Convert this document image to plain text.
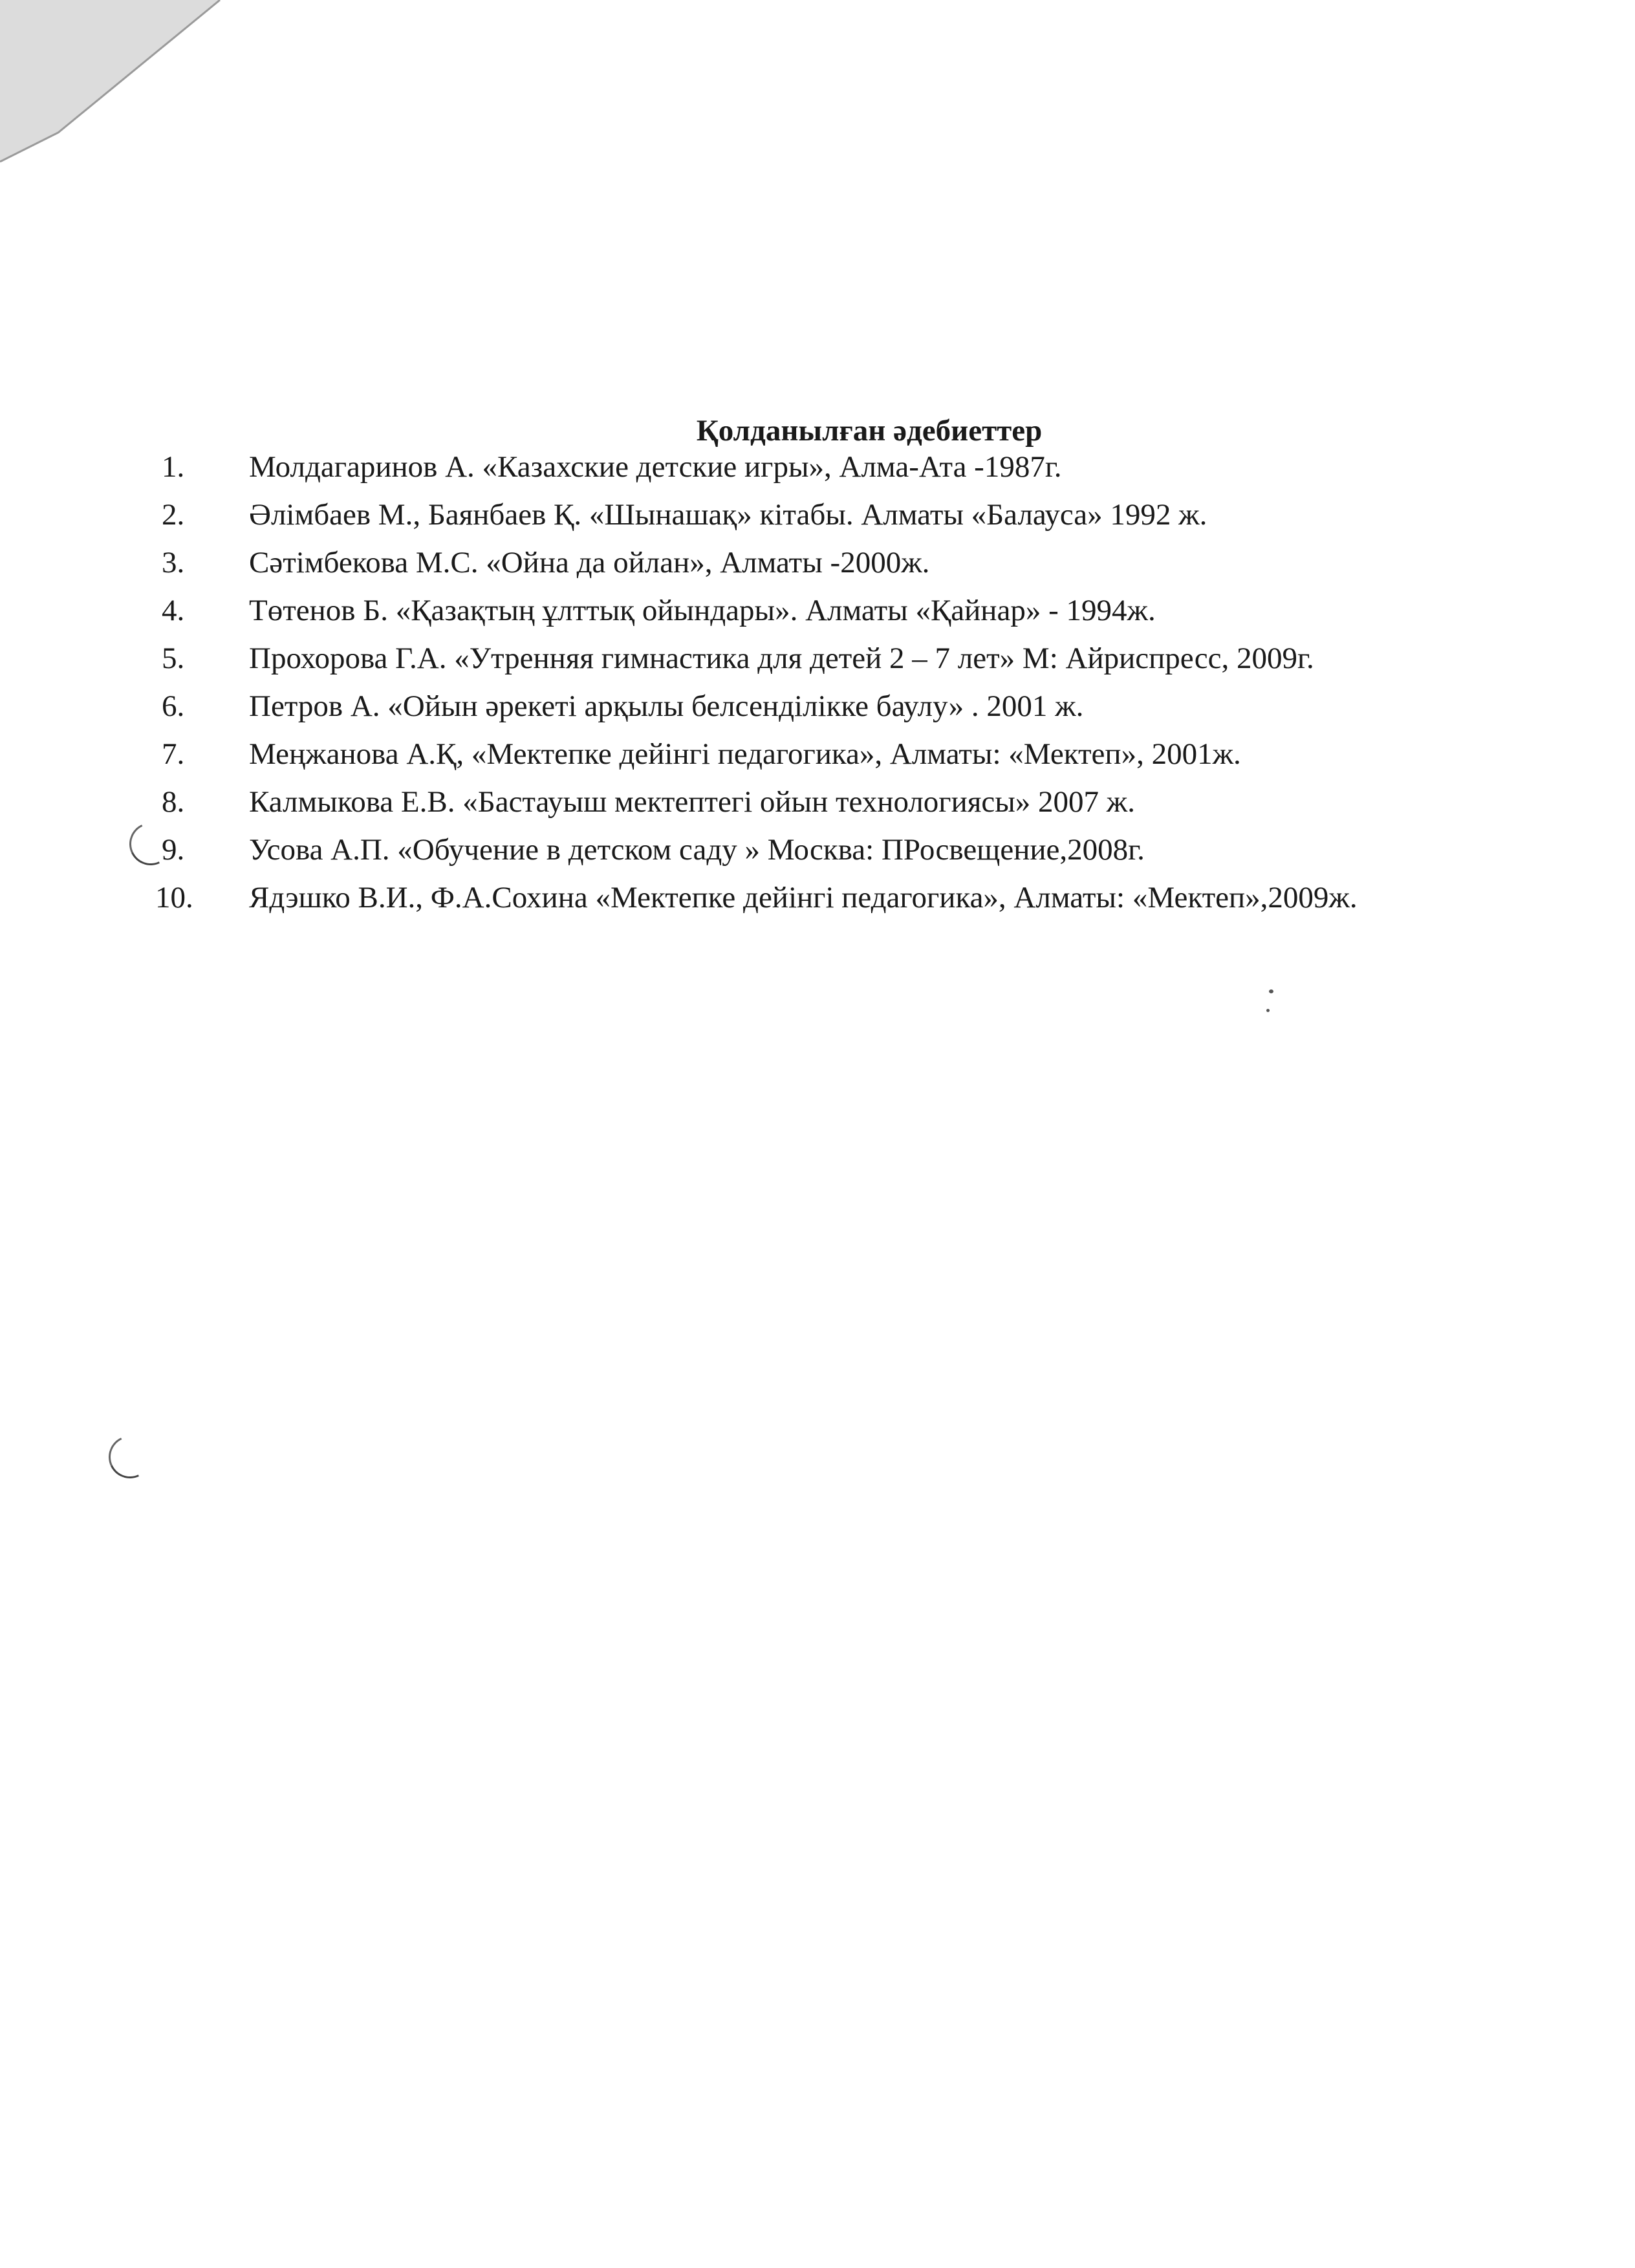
Қолданылған әдебиеттер
1.	Молдагаринов А. «Казахские детские игры», Алма-Ата -1987г.
2.	Әлімбаев М., Баянбаев Қ. «Шынашақ» кітабы. Алматы «Балауса» 1992 ж.
3.	Сәтімбекова М.С. «Ойна да ойлан», Алматы -2000ж.
4.	Төтенов Б. «Қазақтың ұлттық ойындары». Алматы «Қайнар» - 1994ж.
5.	Прохорова Г.А. «Утренняя гимнастика для детей 2 – 7 лет» М: Айриспресс, 2009г.
6.	Петров А. «Ойын әрекеті арқылы белсенділікке баулу» . 2001 ж.
7.	Меңжанова А.Қ, «Мектепке дейінгі педагогика», Алматы: «Мектеп», 2001ж.
8.	Калмыкова Е.В. «Бастауыш мектептегі ойын технологиясы» 2007 ж.
9.	Усова А.П. «Обучение в детском саду » Москва: ПРосвещение,2008г.
10.	Ядэшко В.И., Ф.А.Сохина «Мектепке дейінгі педагогика», Алматы: «Мектеп»,2009ж.
